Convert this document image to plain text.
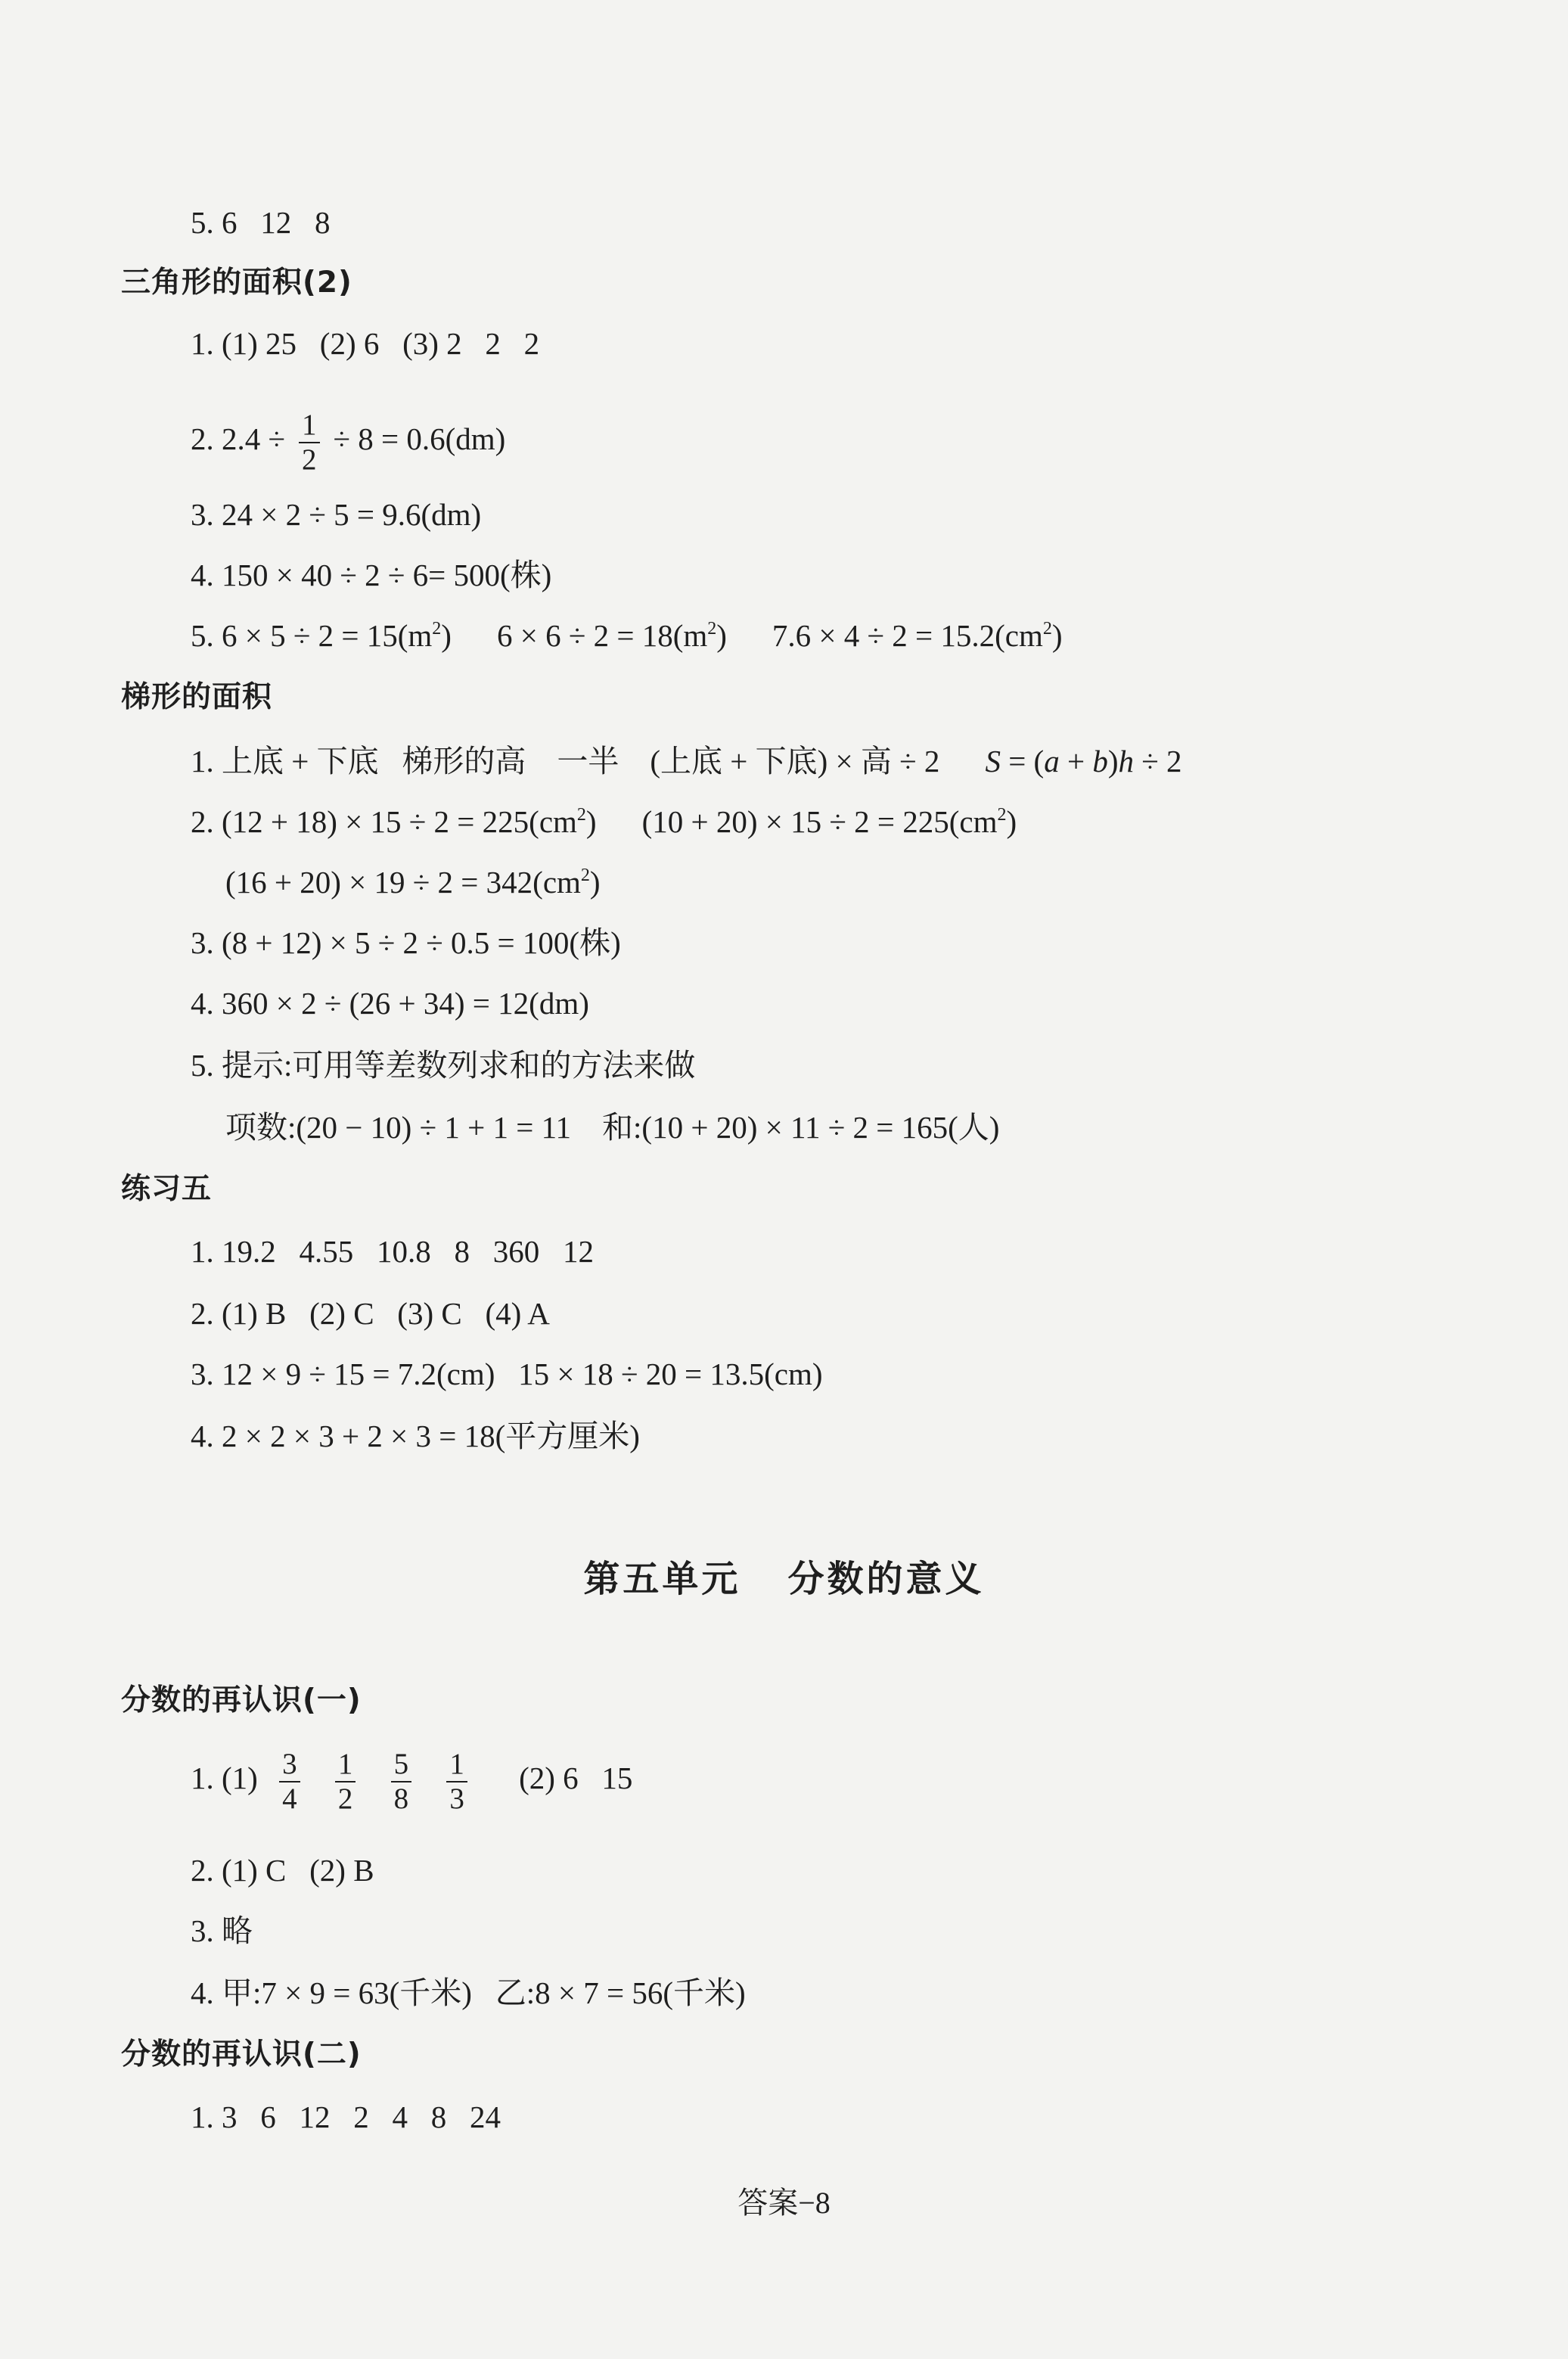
5. 6   12   8
三角形的面积(2)
1. (1) 25   (2) 6   (3) 2   2   2
2. $2.4 \div \frac{1}{2} \div 8 = 0.6(dm)$
3. 24 × 2 ÷ 5 = 9.6(dm)
4. 150 × 40 ÷ 2 ÷ 6= 500(株)
5. $6 \times 5 \div 2 = 15(m^2) 6 \times 6 \div 2 = 18(m^2) 7.6 \times 4 \div 2 = 15.2(cm^2)$
梯形的面积
1. 上底 + 下底   梯形的高    一半    (上底 + 下底) × 高 ÷ 2 S = (a + b)h ÷ 2
2. $(12 + 18) \times 15 \div 2 = 225(cm^2) (10 + 20) \times 15 \div 2 = 225(cm^2)$
$(16 + 20) \times 19 \div 2 = 342(cm^2)$
3. (8 + 12) × 5 ÷ 2 ÷ 0.5 = 100(株)
4. 360 × 2 ÷ (26 + 34) = 12(dm)
5. 提示:可用等差数列求和的方法来做
项数:(20 − 10) ÷ 1 + 1 = 11    和:(10 + 20) × 11 ÷ 2 = 165(人)
练习五
1. 19.2   4.55   10.8   8   360   12
2. (1) B   (2) C   (3) C   (4) A
3. 12 × 9 ÷ 15 = 7.2(cm)   15 × 18 ÷ 20 = 13.5(cm)
4. 2 × 2 × 3 + 2 × 3 = 18(平方厘米)
第五单元   分数的意义
分数的再认识(一)
1. $(1) \frac{3}{4}$
$\frac{1}{2}$
$\frac{5}{8}$
$\frac{1}{3} (2)$ 6   15
2. (1) C   (2) B
3. 略
4. 甲:7 × 9 = 63(千米)   乙:8 × 7 = 56(千米)
分数的再认识(二)
1. 3   6   12   2   4   8   24
答案−8
